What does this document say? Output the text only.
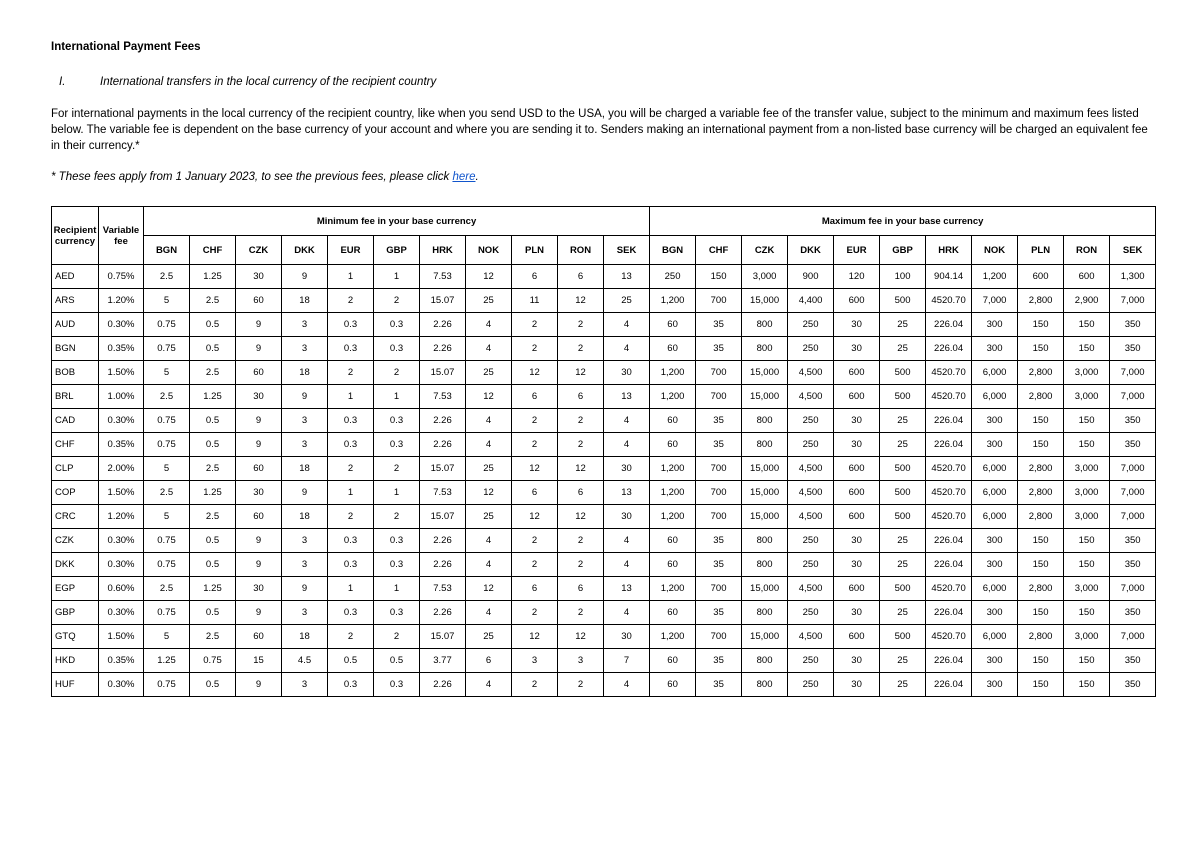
International Payment Fees

I.	International transfers in the local currency of the recipient country
For international payments in the local currency of the recipient country, like when you send USD to the USA, you will be charged a variable fee of the transfer value, subject to the minimum and maximum fees listed below. The variable fee is dependent on the base currency of your account and where you are sending it to. Senders making an international payment from a non-listed base currency will be charged an equivalent fee in their currency.*
* These fees apply from 1 January 2023, to see the previous fees, please click here.
Recipient currency	Variable fee	Minimum fee in your base currency											Maximum fee in your base currency										
		BGN	CHF	CZK	DKK	EUR	GBP	HRK	NOK	PLN	RON	SEK	BGN	CHF	CZK	DKK	EUR	GBP	HRK	NOK	PLN	RON	SEK
AED	0.75%	2.5	1.25	30	9	1	1	7.53	12	6	6	13	250	150	3,000	900	120	100	904.14	1,200	600	600	1,300
ARS	1.20%	5	2.5	60	18	2	2	15.07	25	11	12	25	1,200	700	15,000	4,400	600	500	4520.70	7,000	2,800	2,900	7,000
AUD	0.30%	0.75	0.5	9	3	0.3	0.3	2.26	4	2	2	4	60	35	800	250	30	25	226.04	300	150	150	350
BGN	0.35%	0.75	0.5	9	3	0.3	0.3	2.26	4	2	2	4	60	35	800	250	30	25	226.04	300	150	150	350
BOB	1.50%	5	2.5	60	18	2	2	15.07	25	12	12	30	1,200	700	15,000	4,500	600	500	4520.70	6,000	2,800	3,000	7,000
BRL	1.00%	2.5	1.25	30	9	1	1	7.53	12	6	6	13	1,200	700	15,000	4,500	600	500	4520.70	6,000	2,800	3,000	7,000
CAD	0.30%	0.75	0.5	9	3	0.3	0.3	2.26	4	2	2	4	60	35	800	250	30	25	226.04	300	150	150	350
CHF	0.35%	0.75	0.5	9	3	0.3	0.3	2.26	4	2	2	4	60	35	800	250	30	25	226.04	300	150	150	350
CLP	2.00%	5	2.5	60	18	2	2	15.07	25	12	12	30	1,200	700	15,000	4,500	600	500	4520.70	6,000	2,800	3,000	7,000
COP	1.50%	2.5	1.25	30	9	1	1	7.53	12	6	6	13	1,200	700	15,000	4,500	600	500	4520.70	6,000	2,800	3,000	7,000
CRC	1.20%	5	2.5	60	18	2	2	15.07	25	12	12	30	1,200	700	15,000	4,500	600	500	4520.70	6,000	2,800	3,000	7,000
CZK	0.30%	0.75	0.5	9	3	0.3	0.3	2.26	4	2	2	4	60	35	800	250	30	25	226.04	300	150	150	350
DKK	0.30%	0.75	0.5	9	3	0.3	0.3	2.26	4	2	2	4	60	35	800	250	30	25	226.04	300	150	150	350
EGP	0.60%	2.5	1.25	30	9	1	1	7.53	12	6	6	13	1,200	700	15,000	4,500	600	500	4520.70	6,000	2,800	3,000	7,000
GBP	0.30%	0.75	0.5	9	3	0.3	0.3	2.26	4	2	2	4	60	35	800	250	30	25	226.04	300	150	150	350
GTQ	1.50%	5	2.5	60	18	2	2	15.07	25	12	12	30	1,200	700	15,000	4,500	600	500	4520.70	6,000	2,800	3,000	7,000
HKD	0.35%	1.25	0.75	15	4.5	0.5	0.5	3.77	6	3	3	7	60	35	800	250	30	25	226.04	300	150	150	350
HUF	0.30%	0.75	0.5	9	3	0.3	0.3	2.26	4	2	2	4	60	35	800	250	30	25	226.04	300	150	150	350
